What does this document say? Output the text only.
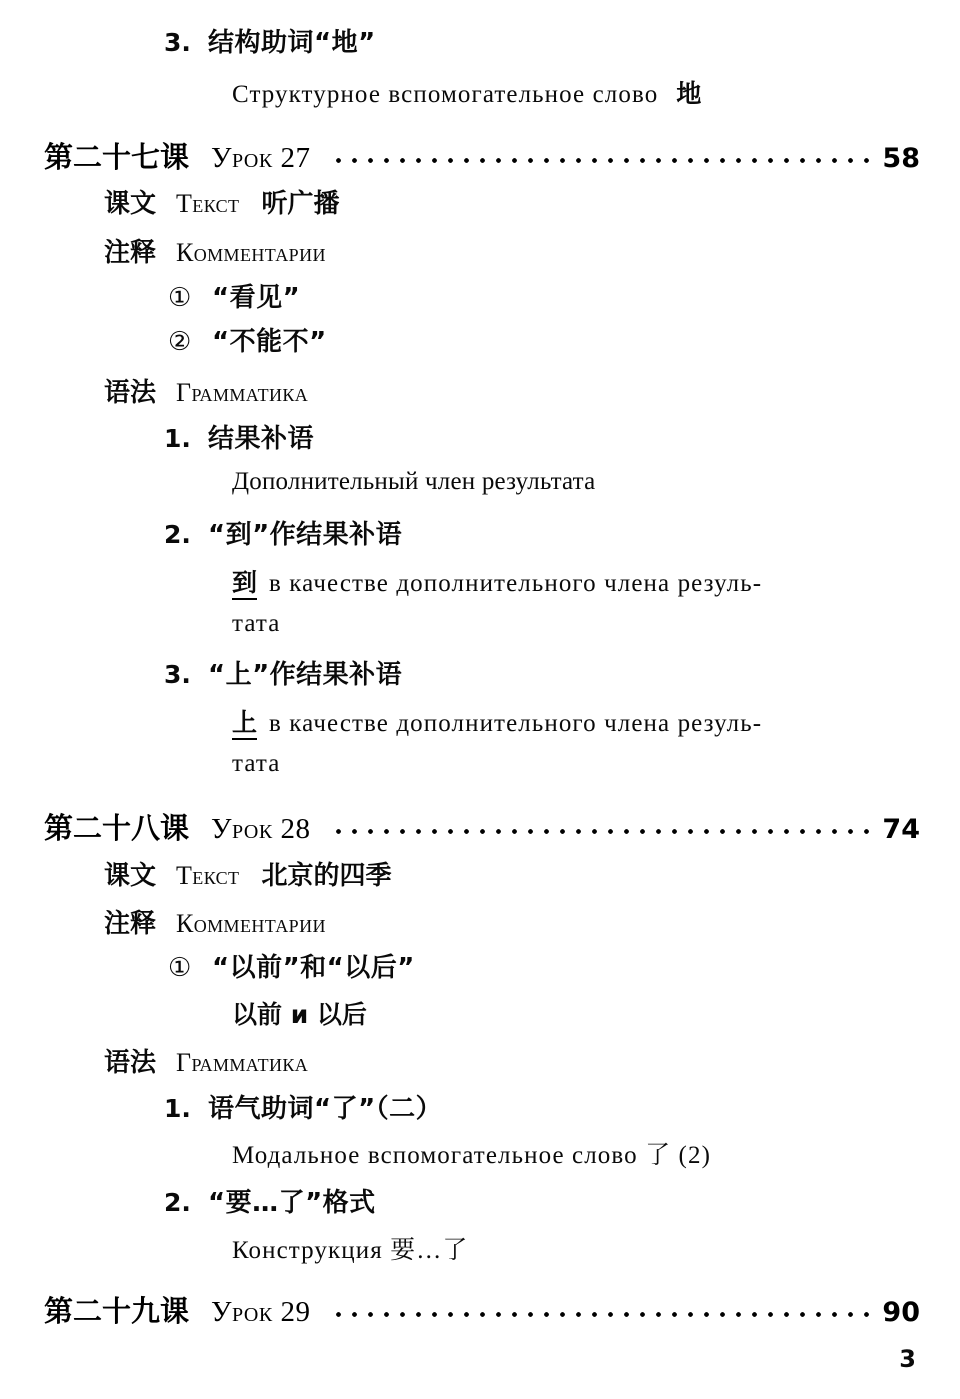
3. 结构助词“地”
Структурное вспомогательное слово 地
第二十七课 Урок 27	58
课文 Текст 听广播
注释 Комментарии
① “看见”
② “不能不”
语法 Грамматика
1. 结果补语
Дополнительный член результата
2. “到”作结果补语
到 в качестве дополнительного члена резуль-
тата
3. “上”作结果补语
上 в качестве дополнительного члена резуль-
тата
第二十八课 Урок 28	74
课文 Текст 北京的四季
注释 Комментарии
① “以前”和“以后”
以前 и 以后
语法 Грамматика
1. 语气助词“了”（二）
Модальное вспомогательное слово 了 (2)
2. “要…了”格式
Конструкция 要…了
第二十九课 Урок 29	90
3
